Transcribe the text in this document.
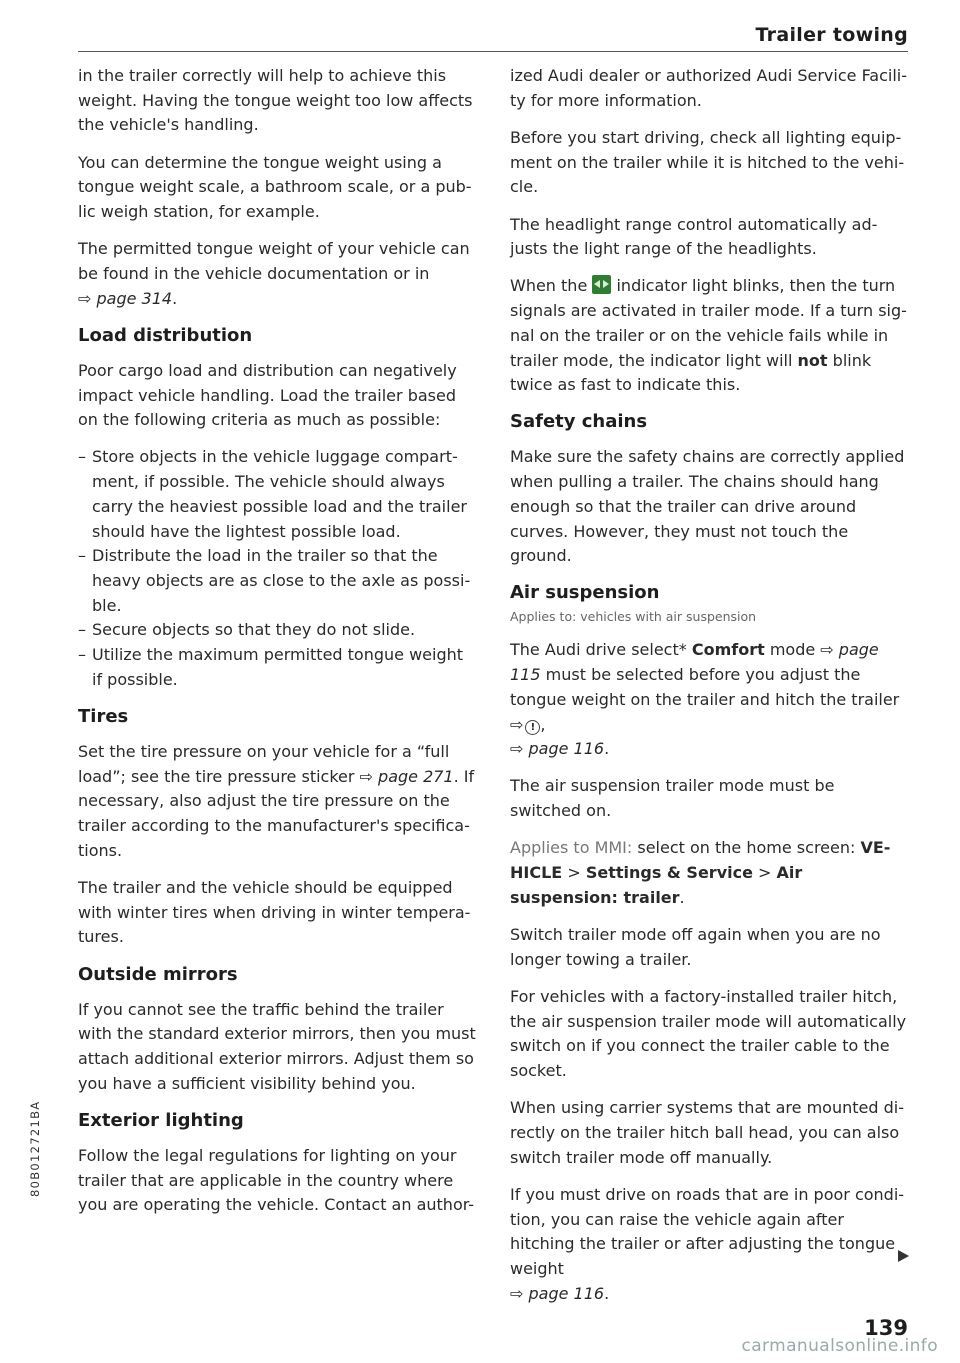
Trailer towing

in the trailer correctly will help to achieve this weight. Having the tongue weight too low affects the vehicle's handling.

You can determine the tongue weight using a tongue weight scale, a bathroom scale, or a pub-lic weigh station, for example.

The permitted tongue weight of your vehicle can be found in the vehicle documentation or in
⇨ page 314.

Load distribution

Poor cargo load and distribution can negatively impact vehicle handling. Load the trailer based on the following criteria as much as possible:

– Store objects in the vehicle luggage compart-ment, if possible. The vehicle should always carry the heaviest possible load and the trailer should have the lightest possible load.
– Distribute the load in the trailer so that the heavy objects are as close to the axle as possi-ble.
– Secure objects so that they do not slide.
– Utilize the maximum permitted tongue weight if possible.
Tires

Set the tire pressure on your vehicle for a “full load”; see the tire pressure sticker ⇨ page 271. If necessary, also adjust the tire pressure on the trailer according to the manufacturer's specifica-tions.

The trailer and the vehicle should be equipped with winter tires when driving in winter tempera-tures.

Outside mirrors

If you cannot see the traffic behind the trailer with the standard exterior mirrors, then you must attach additional exterior mirrors. Adjust them so you have a sufficient visibility behind you.

Exterior lighting

Follow the legal regulations for lighting on your trailer that are applicable in the country where you are operating the vehicle. Contact an author-

ized Audi dealer or authorized Audi Service Facili-ty for more information.

Before you start driving, check all lighting equip-ment on the trailer while it is hitched to the vehi-cle.

The headlight range control automatically ad-justs the light range of the headlights.

When the indicator light blinks, then the turn signals are activated in trailer mode. If a turn sig-nal on the trailer or on the vehicle fails while in trailer mode, the indicator light will not blink twice as fast to indicate this.

Safety chains

Make sure the safety chains are correctly applied when pulling a trailer. The chains should hang enough so that the trailer can drive around curves. However, they must not touch the ground.

Air suspension
Applies to: vehicles with air suspension

The Audi drive select* Comfort mode ⇨ page 115 must be selected before you adjust the tongue weight on the trailer and hitch the trailer ⇨ ! ,
⇨ page 116.

The air suspension trailer mode must be switched on.

Applies to MMI: select on the home screen: VE-HICLE > Settings & Service > Air suspension: trailer.

Switch trailer mode off again when you are no longer towing a trailer.

For vehicles with a factory-installed trailer hitch, the air suspension trailer mode will automatically switch on if you connect the trailer cable to the socket.

When using carrier systems that are mounted di-rectly on the trailer hitch ball head, you can also switch trailer mode off manually.

If you must drive on roads that are in poor condi-tion, you can raise the vehicle again after hitching the trailer or after adjusting the tongue weight
⇨ page 116.

139
80B012721BA
carmanualsonline.info
